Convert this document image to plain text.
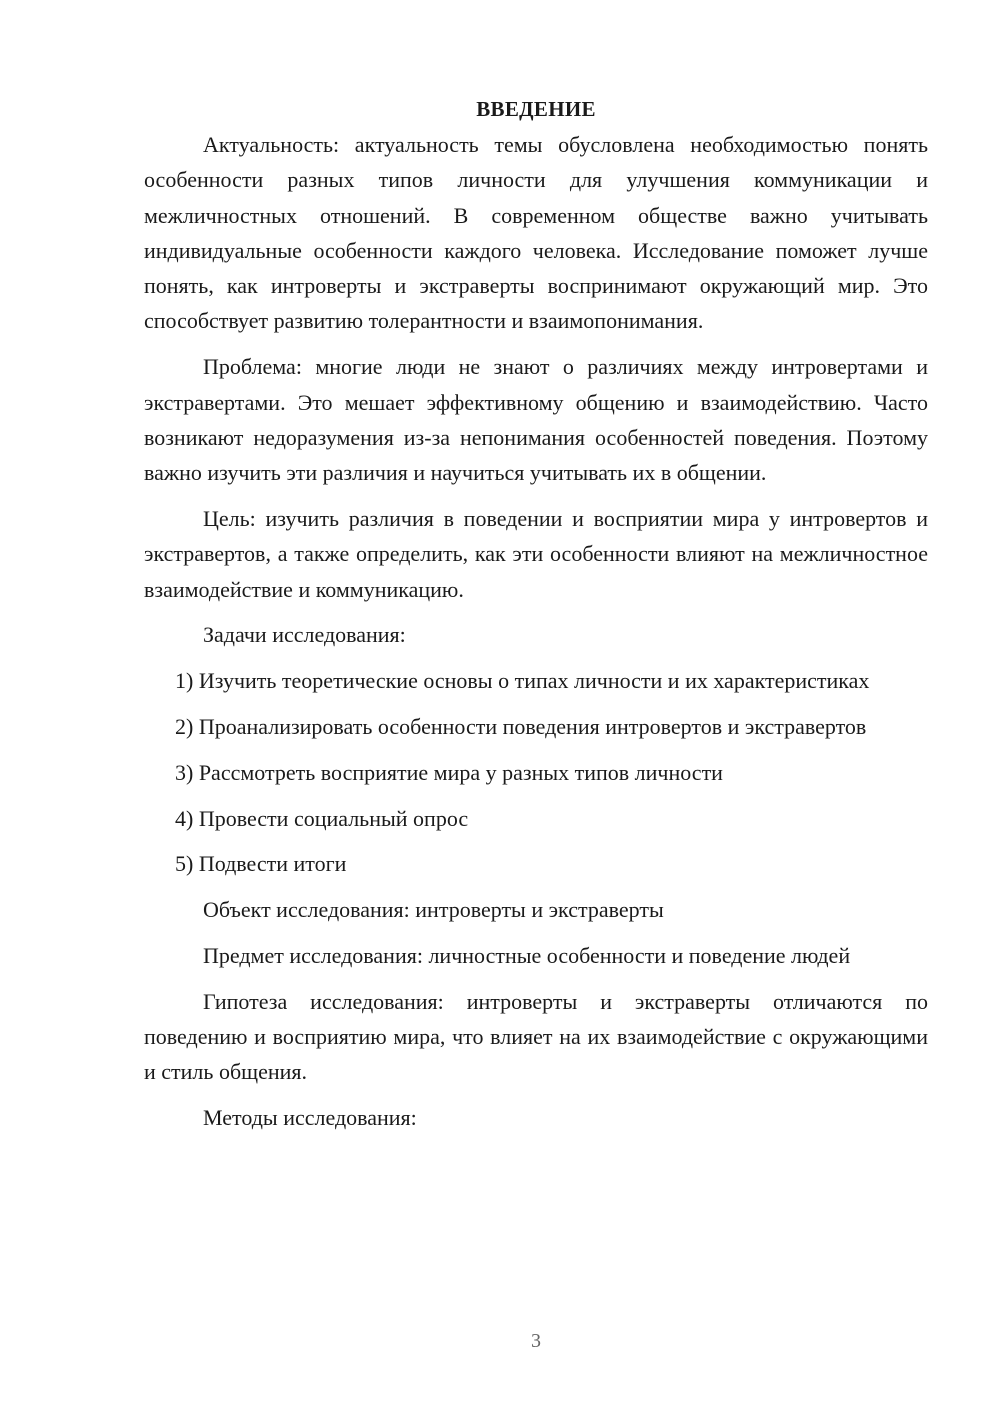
ВВЕДЕНИЕ

Актуальность: актуальность темы обусловлена необходимостью понять особенности разных типов личности для улучшения коммуникации и межличностных отношений. В современном обществе важно учитывать индивидуальные особенности каждого человека. Исследование поможет лучше понять, как интроверты и экстраверты воспринимают окружающий мир. Это способствует развитию толерантности и взаимопонимания.

Проблема: многие люди не знают о различиях между интровертами и экстравертами. Это мешает эффективному общению и взаимодействию. Часто возникают недоразумения из-за непонимания особенностей поведения. Поэтому важно изучить эти различия и научиться учитывать их в общении.

Цель: изучить различия в поведении и восприятии мира у интровертов и экстравертов, а также определить, как эти особенности влияют на межличностное взаимодействие и коммуникацию.

Задачи исследования:

1) Изучить теоретические основы о типах личности и их характеристиках

2) Проанализировать особенности поведения интровертов и экстравертов

3) Рассмотреть восприятие мира у разных типов личности

4) Провести социальный опрос

5) Подвести итоги

Объект исследования: интроверты и экстраверты

Предмет исследования: личностные особенности и поведение людей

Гипотеза исследования: интроверты и экстраверты отличаются по поведению и восприятию мира, что влияет на их взаимодействие с окружающими и стиль общения.

Методы исследования:

3
